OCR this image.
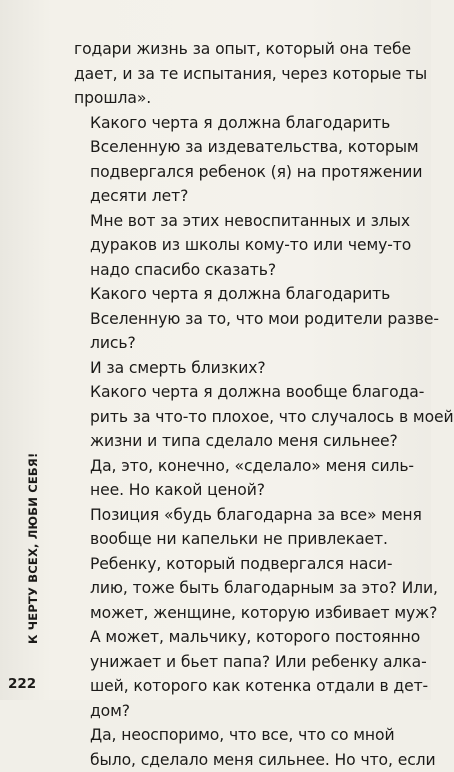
годари жизнь за опыт, который она тебе
дает, и за те испытания, через которые ты
прошла».

Какого черта я должна благодарить
Вселенную за издевательства, которым
подвергался ребенок (я) на протяжении
десяти лет?

Мне вот за этих невоспитанных и злых
дураков из школы кому-то или чему-то
надо спасибо сказать?

Какого черта я должна благодарить
Вселенную за то, что мои родители разве-
лись?

И за смерть близких?

Какого черта я должна вообще благода-
рить за что-то плохое, что случалось в моей
жизни и типа сделало меня сильнее?

Да, это, конечно, «сделало» меня силь-
нее. Но какой ценой?

Позиция «будь благодарна за все» меня
вообще ни капельки не привлекает.

Ребенку, который подвергался наси-
лию, тоже быть благодарным за это? Или,
может, женщине, которую избивает муж?
А может, мальчику, которого постоянно
унижает и бьет папа? Или ребенку алка-
шей, которого как котенка отдали в дет-
дом?

Да, неоспоримо, что все, что со мной
было, сделало меня сильнее. Но что, если

К ЧЕРТУ ВСЕХ, ЛЮБИ СЕБЯ!
222
